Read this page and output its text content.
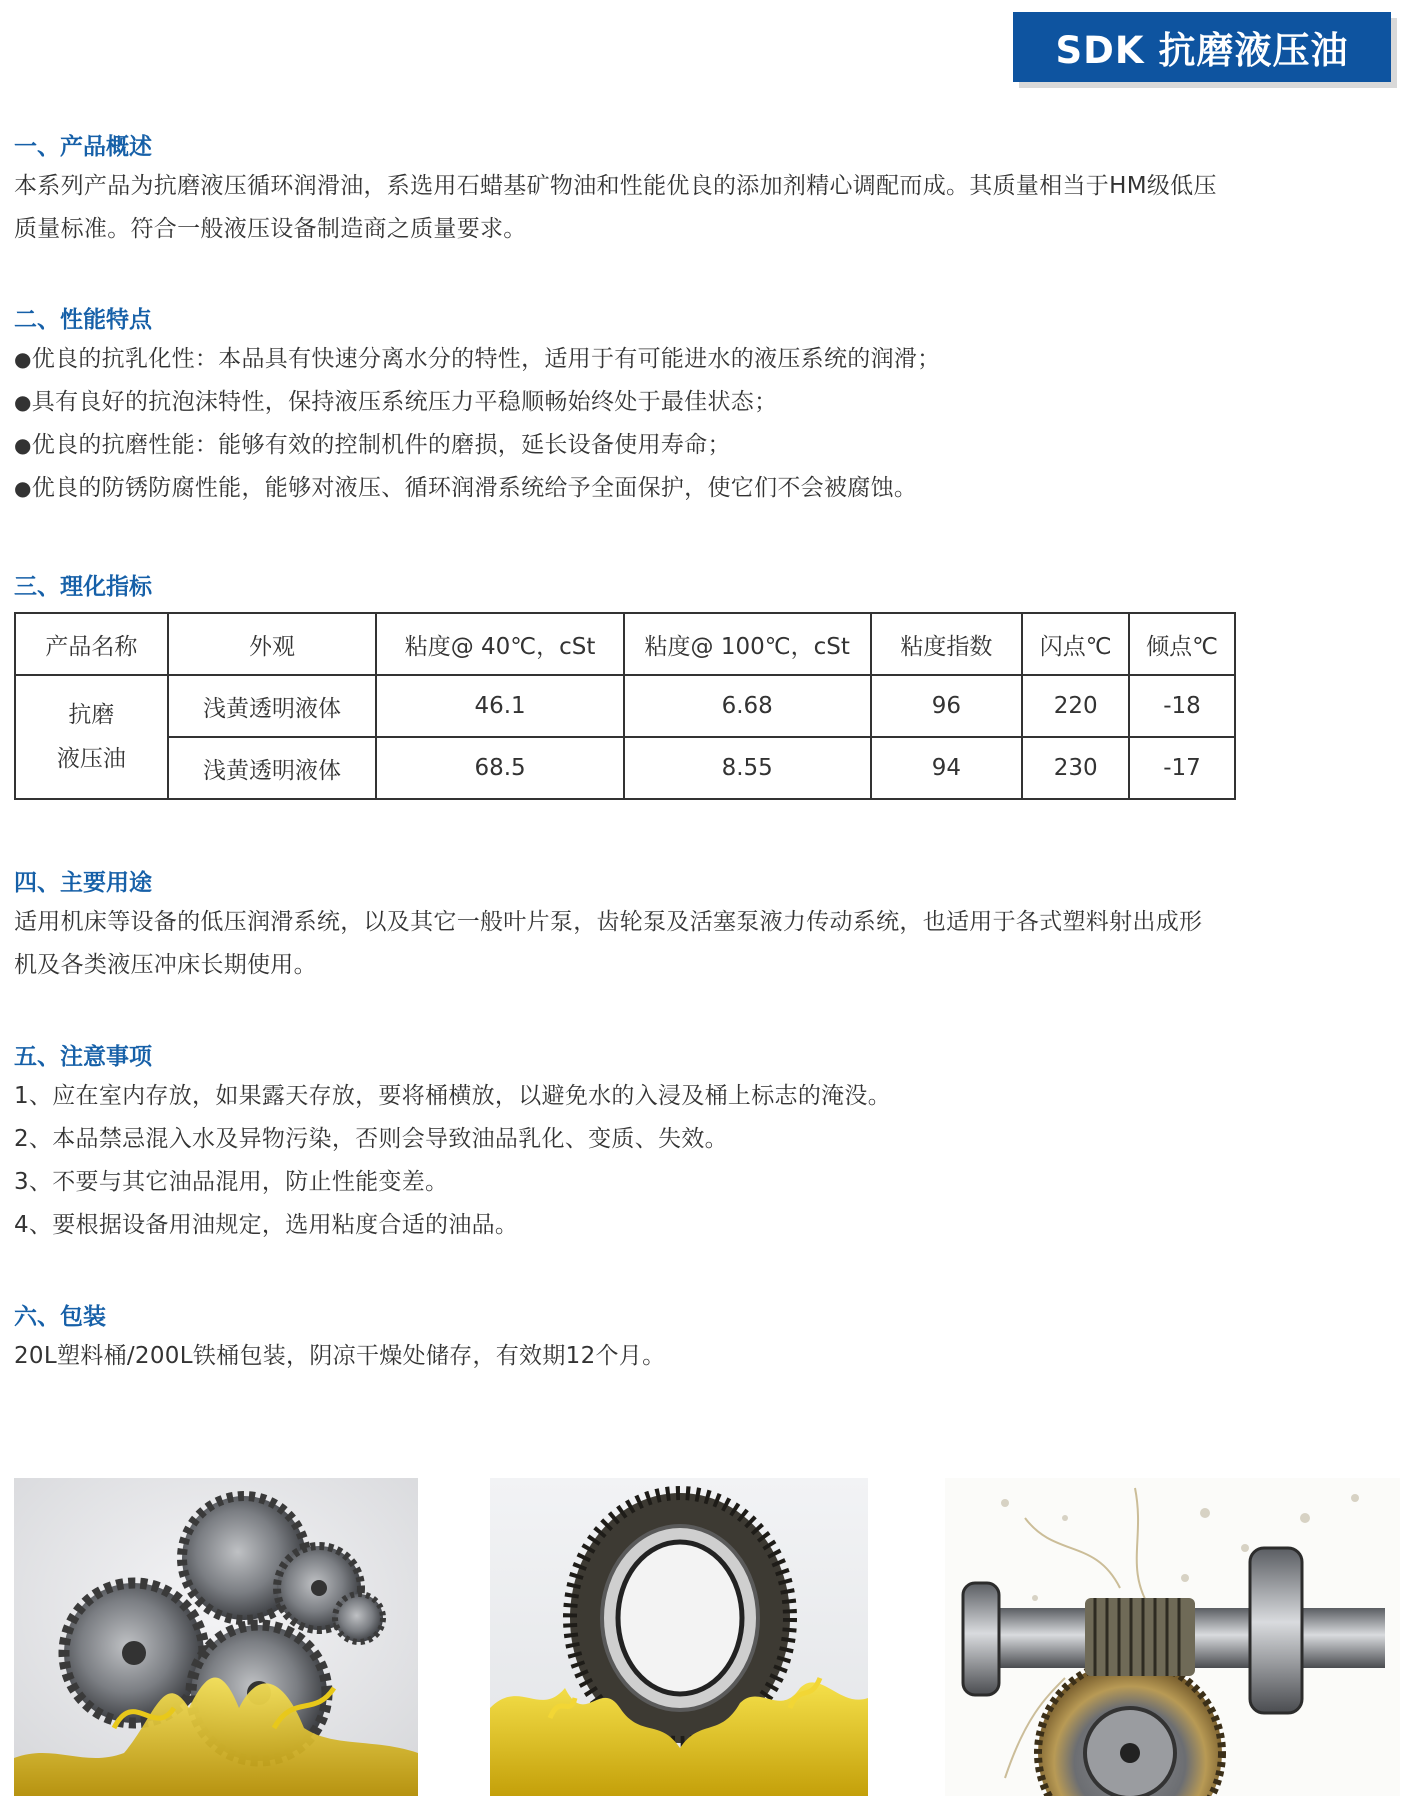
SDK 抗磨液压油
一、产品概述

本系列产品为抗磨液压循环润滑油，系选用石蜡基矿物油和性能优良的添加剂精心调配而成。其质量相当于HM级低压

质量标准。符合一般液压设备制造商之质量要求。

二、性能特点
●优良的抗乳化性：本品具有快速分离水分的特性，适用于有可能进水的液压系统的润滑；
●具有良好的抗泡沫特性，保持液压系统压力平稳顺畅始终处于最佳状态；
●优良的抗磨性能：能够有效的控制机件的磨损，延长设备使用寿命；
●优良的防锈防腐性能，能够对液压、循环润滑系统给予全面保护，使它们不会被腐蚀。
三、理化指标
产品名称	外观	粘度@ 40℃，cSt	粘度@ 100℃，cSt	粘度指数	闪点℃	倾点℃

抗磨
液压油	浅黄透明液体	46.1	6.68	96	220	-18
	浅黄透明液体	68.5	8.55	94	230	-17
四、主要用途

适用机床等设备的低压润滑系统，以及其它一般叶片泵，齿轮泵及活塞泵液力传动系统，也适用于各式塑料射出成形

机及各类液压冲床长期使用。

五、注意事项
1、应在室内存放，如果露天存放，要将桶横放，以避免水的入浸及桶上标志的淹没。
2、本品禁忌混入水及异物污染，否则会导致油品乳化、变质、失效。
3、不要与其它油品混用，防止性能变差。
4、要根据设备用油规定，选用粘度合适的油品。
六、包装

20L塑料桶/200L铁桶包装，阴凉干燥处储存，有效期12个月。
